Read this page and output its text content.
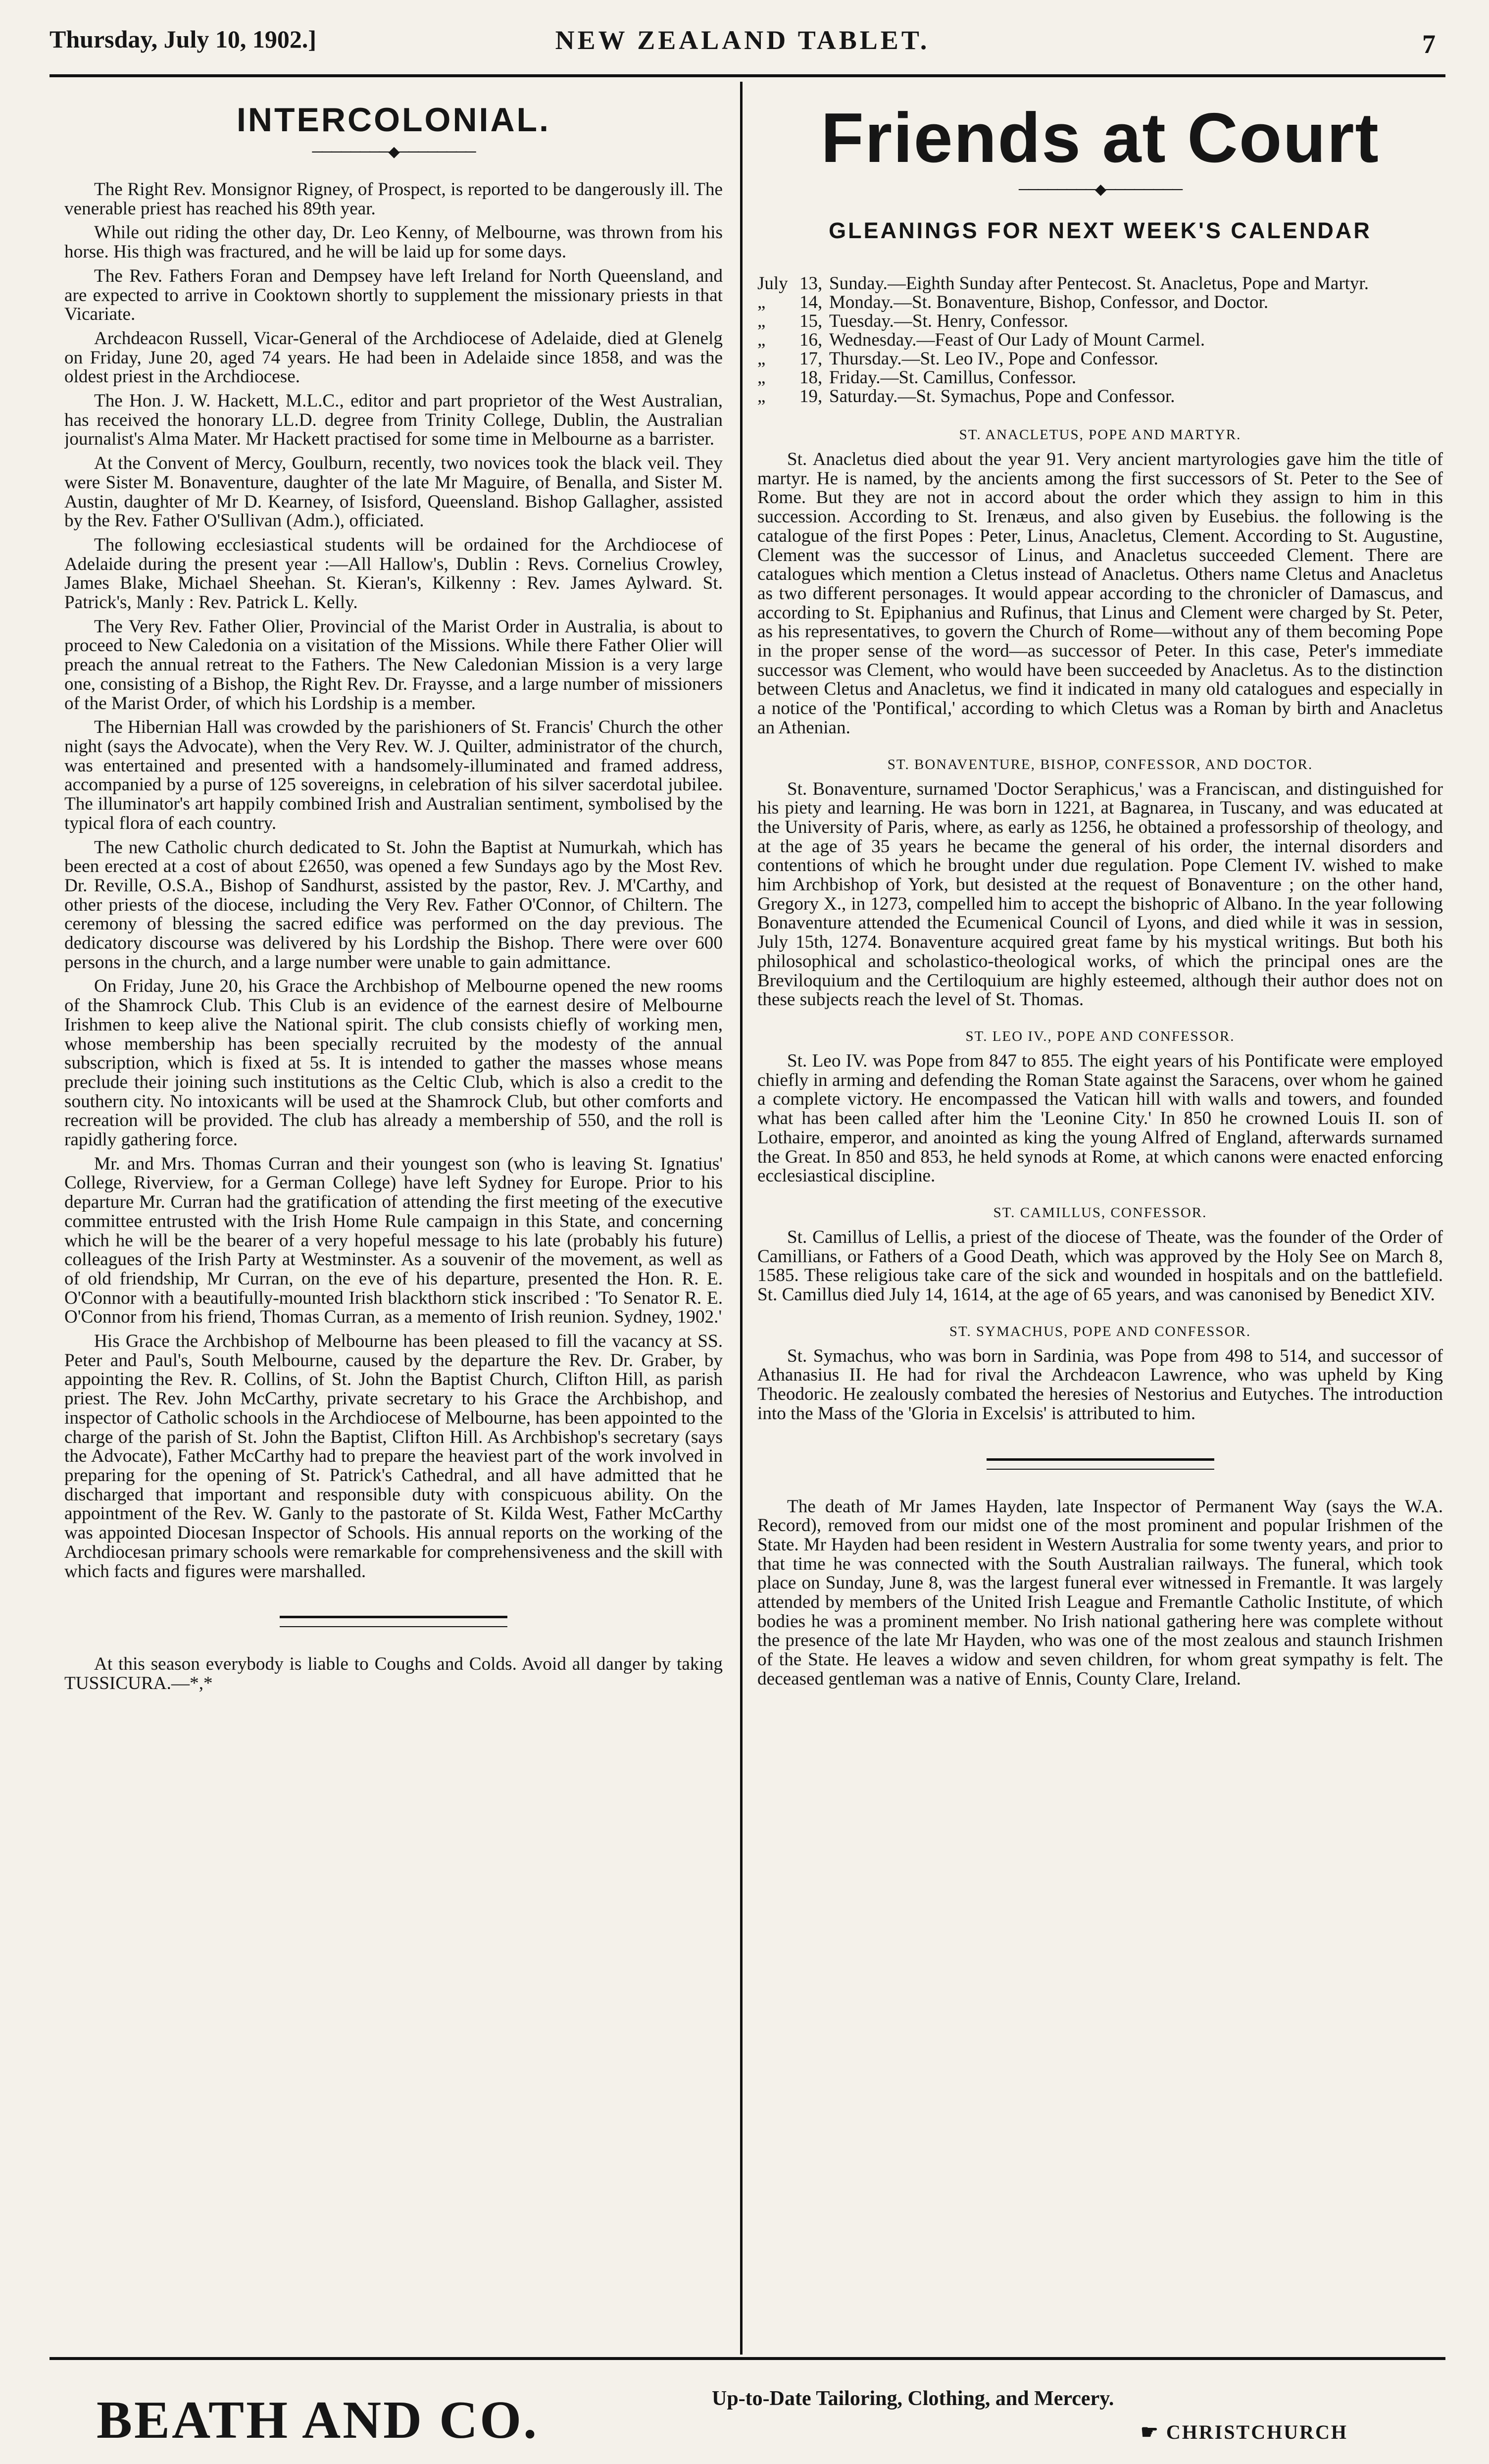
Thursday, July 10, 1902.]	NEW ZEALAND TABLET.	7
INTERCOLONIAL.
────────◆────────

The Right Rev. Monsignor Rigney, of Prospect, is reported to be dangerously ill. The venerable priest has reached his 89th year.

While out riding the other day, Dr. Leo Kenny, of Melbourne, was thrown from his horse. His thigh was fractured, and he will be laid up for some days.

The Rev. Fathers Foran and Dempsey have left Ireland for North Queensland, and are expected to arrive in Cooktown shortly to supplement the missionary priests in that Vicariate.

Archdeacon Russell, Vicar-General of the Archdiocese of Adelaide, died at Glenelg on Friday, June 20, aged 74 years. He had been in Adelaide since 1858, and was the oldest priest in the Archdiocese.

The Hon. J. W. Hackett, M.L.C., editor and part proprietor of the West Australian, has received the honorary LL.D. degree from Trinity College, Dublin, the Australian journalist's Alma Mater. Mr Hackett practised for some time in Melbourne as a barrister.

At the Convent of Mercy, Goulburn, recently, two novices took the black veil. They were Sister M. Bonaventure, daughter of the late Mr Maguire, of Benalla, and Sister M. Austin, daughter of Mr D. Kearney, of Isisford, Queensland. Bishop Gallagher, assisted by the Rev. Father O'Sullivan (Adm.), officiated.

The following ecclesiastical students will be ordained for the Archdiocese of Adelaide during the present year :—All Hallow's, Dublin : Revs. Cornelius Crowley, James Blake, Michael Sheehan. St. Kieran's, Kilkenny : Rev. James Aylward. St. Patrick's, Manly : Rev. Patrick L. Kelly.

The Very Rev. Father Olier, Provincial of the Marist Order in Australia, is about to proceed to New Caledonia on a visitation of the Missions. While there Father Olier will preach the annual retreat to the Fathers. The New Caledonian Mission is a very large one, consisting of a Bishop, the Right Rev. Dr. Fraysse, and a large number of missioners of the Marist Order, of which his Lordship is a member.

The Hibernian Hall was crowded by the parishioners of St. Francis' Church the other night (says the Advocate), when the Very Rev. W. J. Quilter, administrator of the church, was entertained and presented with a handsomely-illuminated and framed address, accompanied by a purse of 125 sovereigns, in celebration of his silver sacerdotal jubilee. The illuminator's art happily combined Irish and Australian sentiment, symbolised by the typical flora of each country.

The new Catholic church dedicated to St. John the Baptist at Numurkah, which has been erected at a cost of about £2650, was opened a few Sundays ago by the Most Rev. Dr. Reville, O.S.A., Bishop of Sandhurst, assisted by the pastor, Rev. J. M'Carthy, and other priests of the diocese, including the Very Rev. Father O'Connor, of Chiltern. The ceremony of blessing the sacred edifice was performed on the day previous. The dedicatory discourse was delivered by his Lordship the Bishop. There were over 600 persons in the church, and a large number were unable to gain admittance.

On Friday, June 20, his Grace the Archbishop of Melbourne opened the new rooms of the Shamrock Club. This Club is an evidence of the earnest desire of Melbourne Irishmen to keep alive the National spirit. The club consists chiefly of working men, whose membership has been specially recruited by the modesty of the annual subscription, which is fixed at 5s. It is intended to gather the masses whose means preclude their joining such institutions as the Celtic Club, which is also a credit to the southern city. No intoxicants will be used at the Shamrock Club, but other comforts and recreation will be provided. The club has already a membership of 550, and the roll is rapidly gathering force.

Mr. and Mrs. Thomas Curran and their youngest son (who is leaving St. Ignatius' College, Riverview, for a German College) have left Sydney for Europe. Prior to his departure Mr. Curran had the gratification of attending the first meeting of the executive committee entrusted with the Irish Home Rule campaign in this State, and concerning which he will be the bearer of a very hopeful message to his late (probably his future) colleagues of the Irish Party at Westminster. As a souvenir of the movement, as well as of old friendship, Mr Curran, on the eve of his departure, presented the Hon. R. E. O'Connor with a beautifully-mounted Irish blackthorn stick inscribed : 'To Senator R. E. O'Connor from his friend, Thomas Curran, as a memento of Irish reunion. Sydney, 1902.'

His Grace the Archbishop of Melbourne has been pleased to fill the vacancy at SS. Peter and Paul's, South Melbourne, caused by the departure the Rev. Dr. Graber, by appointing the Rev. R. Collins, of St. John the Baptist Church, Clifton Hill, as parish priest. The Rev. John McCarthy, private secretary to his Grace the Archbishop, and inspector of Catholic schools in the Archdiocese of Melbourne, has been appointed to the charge of the parish of St. John the Baptist, Clifton Hill. As Archbishop's secretary (says the Advocate), Father McCarthy had to prepare the heaviest part of the work involved in preparing for the opening of St. Patrick's Cathedral, and all have admitted that he discharged that important and responsible duty with conspicuous ability. On the appointment of the Rev. W. Ganly to the pastorate of St. Kilda West, Father McCarthy was appointed Diocesan Inspector of Schools. His annual reports on the working of the Archdiocesan primary schools were remarkable for comprehensiveness and the skill with which facts and figures were marshalled.

At this season everybody is liable to Coughs and Colds. Avoid all danger by taking TUSSICURA.—*,*

Friends at Court
────────◆────────
GLEANINGS FOR NEXT WEEK'S CALENDAR
July	13,	Sunday.—Eighth Sunday after Pentecost. St. Anacletus, Pope and Martyr.
„	14,	Monday.—St. Bonaventure, Bishop, Confessor, and Doctor.
„	15,	Tuesday.—St. Henry, Confessor.
„	16,	Wednesday.—Feast of Our Lady of Mount Carmel.
„	17,	Thursday.—St. Leo IV., Pope and Confessor.
„	18,	Friday.—St. Camillus, Confessor.
„	19,	Saturday.—St. Symachus, Pope and Confessor.
ST. ANACLETUS, POPE AND MARTYR.

St. Anacletus died about the year 91. Very ancient martyrologies gave him the title of martyr. He is named, by the ancients among the first successors of St. Peter to the See of Rome. But they are not in accord about the order which they assign to him in this succession. According to St. Irenæus, and also given by Eusebius. the following is the catalogue of the first Popes : Peter, Linus, Anacletus, Clement. According to St. Augustine, Clement was the successor of Linus, and Anacletus succeeded Clement. There are catalogues which mention a Cletus instead of Anacletus. Others name Cletus and Anacletus as two different personages. It would appear according to the chronicler of Damascus, and according to St. Epiphanius and Rufinus, that Linus and Clement were charged by St. Peter, as his representatives, to govern the Church of Rome—without any of them becoming Pope in the proper sense of the word—as successor of Peter. In this case, Peter's immediate successor was Clement, who would have been succeeded by Anacletus. As to the distinction between Cletus and Anacletus, we find it indicated in many old catalogues and especially in a notice of the 'Pontifical,' according to which Cletus was a Roman by birth and Anacletus an Athenian.

ST. BONAVENTURE, BISHOP, CONFESSOR, AND DOCTOR.

St. Bonaventure, surnamed 'Doctor Seraphicus,' was a Franciscan, and distinguished for his piety and learning. He was born in 1221, at Bagnarea, in Tuscany, and was educated at the University of Paris, where, as early as 1256, he obtained a professorship of theology, and at the age of 35 years he became the general of his order, the internal disorders and contentions of which he brought under due regulation. Pope Clement IV. wished to make him Archbishop of York, but desisted at the request of Bonaventure ; on the other hand, Gregory X., in 1273, compelled him to accept the bishopric of Albano. In the year following Bonaventure attended the Ecumenical Council of Lyons, and died while it was in session, July 15th, 1274. Bonaventure acquired great fame by his mystical writings. But both his philosophical and scholastico-theological works, of which the principal ones are the Breviloquium and the Certiloquium are highly esteemed, although their author does not on these subjects reach the level of St. Thomas.

ST. LEO IV., POPE AND CONFESSOR.

St. Leo IV. was Pope from 847 to 855. The eight years of his Pontificate were employed chiefly in arming and defending the Roman State against the Saracens, over whom he gained a complete victory. He encompassed the Vatican hill with walls and towers, and founded what has been called after him the 'Leonine City.' In 850 he crowned Louis II. son of Lothaire, emperor, and anointed as king the young Alfred of England, afterwards surnamed the Great. In 850 and 853, he held synods at Rome, at which canons were enacted enforcing ecclesiastical discipline.

ST. CAMILLUS, CONFESSOR.

St. Camillus of Lellis, a priest of the diocese of Theate, was the founder of the Order of Camillians, or Fathers of a Good Death, which was approved by the Holy See on March 8, 1585. These religious take care of the sick and wounded in hospitals and on the battlefield. St. Camillus died July 14, 1614, at the age of 65 years, and was canonised by Benedict XIV.

ST. SYMACHUS, POPE AND CONFESSOR.

St. Symachus, who was born in Sardinia, was Pope from 498 to 514, and successor of Athanasius II. He had for rival the Archdeacon Lawrence, who was upheld by King Theodoric. He zealously combated the heresies of Nestorius and Eutyches. The introduction into the Mass of the 'Gloria in Excelsis' is attributed to him.

The death of Mr James Hayden, late Inspector of Permanent Way (says the W.A. Record), removed from our midst one of the most prominent and popular Irishmen of the State. Mr Hayden had been resident in Western Australia for some twenty years, and prior to that time he was connected with the South Australian railways. The funeral, which took place on Sunday, June 8, was the largest funeral ever witnessed in Fremantle. It was largely attended by members of the United Irish League and Fremantle Catholic Institute, of which bodies he was a prominent member. No Irish national gathering here was complete without the presence of the late Mr Hayden, who was one of the most zealous and staunch Irishmen of the State. He leaves a widow and seven children, for whom great sympathy is felt. The deceased gentleman was a native of Ennis, County Clare, Ireland.

BEATH AND CO.	Up-to-Date Tailoring, Clothing, and Mercery.
☛ CHRISTCHURCH
